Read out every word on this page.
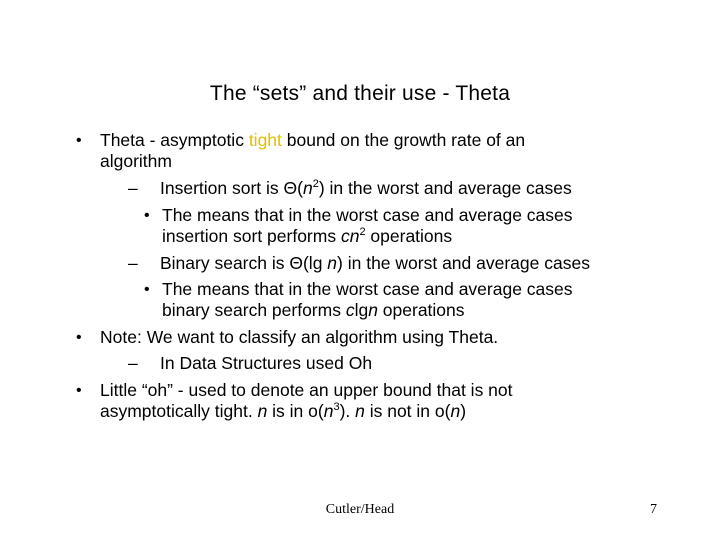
The “sets” and their use - Theta
• Theta - asymptotic tight bound on the growth rate of an
algorithm
– Insertion sort is $\Theta(n^2)$ in the worst and average cases
• The means that in the worst case and average cases
insertion sort performs $cn^2$ operations
– Binary search is Θ(lg n) in the worst and average cases
• The means that in the worst case and average cases
binary search performs clgn operations
• Note: We want to classify an algorithm using Theta.
– In Data Structures used Oh
• Little “oh” - used to denote an upper bound that is not
asymptotically tight. n is in $o(n^3)$. n is not in o(n)
Cutler/Head	7
